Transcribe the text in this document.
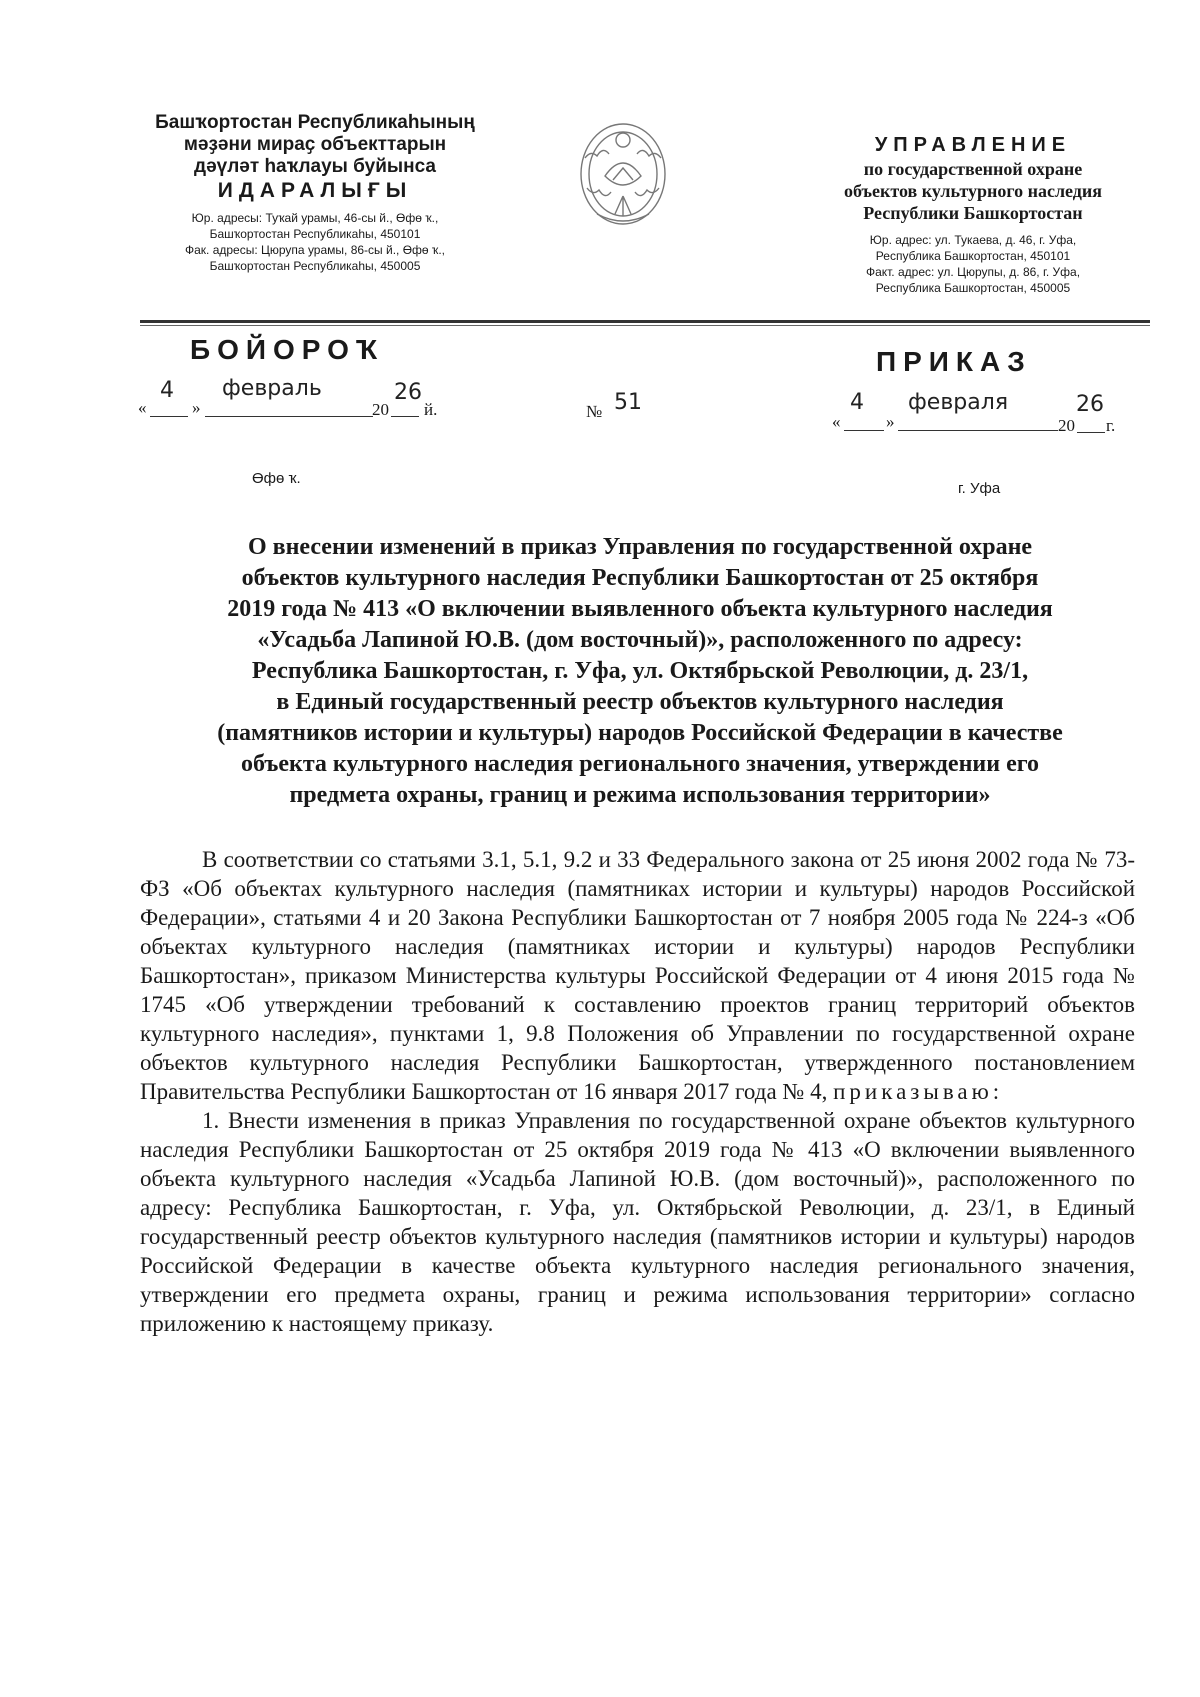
Башҡортостан Республикаһының
мәҙәни мираҫ объекттарын
дәүләт һаҡлауы буйынса
ИДАРАЛЫҒЫ
Юр. адресы: Туҡай урамы, 46-сы й., Өфө ҡ.,
Башҡортостан Республикаһы, 450101
Фак. адресы: Цюрупа урамы, 86-сы й., Өфө ҡ.,
Башҡортостан Республикаһы, 450005
УПРАВЛЕНИЕ
по государственной охране
объектов культурного наследия
Республики Башкортостан
Юр. адрес: ул. Тукаева, д. 46, г. Уфа,
Республика Башкортостан, 450101
Факт. адрес: ул. Цюрупы, д. 86, г. Уфа,
Республика Башкортостан, 450005
БОЙОРОҠ	ПРИКАЗ
«
4
»
февраль
20
26
й.	№ 51
«
4
»
февраля
20
26
г.
Өфө ҡ.
г. Уфа
О внесении изменений в приказ Управления по государственной охране
объектов культурного наследия Республики Башкортостан от 25 октября
2019 года № 413 «О включении выявленного объекта культурного наследия
«Усадьба Лапиной Ю.В. (дом восточный)», расположенного по адресу:
Республика Башкортостан, г. Уфа, ул. Октябрьской Революции, д. 23/1,
в Единый государственный реестр объектов культурного наследия
(памятников истории и культуры) народов Российской Федерации в качестве
объекта культурного наследия регионального значения, утверждении его
предмета охраны, границ и режима использования территории»

В соответствии со статьями 3.1, 5.1, 9.2 и 33 Федерального закона от 25 июня 2002 года № 73-ФЗ «Об объектах культурного наследия (памятниках истории и культуры) народов Российской Федерации», статьями 4 и 20 Закона Республики Башкортостан от 7 ноября 2005 года № 224-з «Об объектах культурного наследия (памятниках истории и культуры) народов Республики Башкортостан», приказом Министерства культуры Российской Федерации от 4 июня 2015 года № 1745 «Об утверждении требований к составлению проектов границ территорий объектов культурного наследия», пунктами 1, 9.8 Положения об Управлении по государственной охране объектов культурного наследия Республики Башкортостан, утвержденного постановлением Правительства Республики Башкортостан от 16 января 2017 года № 4, приказываю:

1. Внести изменения в приказ Управления по государственной охране объектов культурного наследия Республики Башкортостан от 25 октября 2019 года № 413 «О включении выявленного объекта культурного наследия «Усадьба Лапиной Ю.В. (дом восточный)», расположенного по адресу: Республика Башкортостан, г. Уфа, ул. Октябрьской Революции, д. 23/1, в Единый государственный реестр объектов культурного наследия (памятников истории и культуры) народов Российской Федерации в качестве объекта культурного наследия регионального значения, утверждении его предмета охраны, границ и режима использования территории» согласно приложению к настоящему приказу.
